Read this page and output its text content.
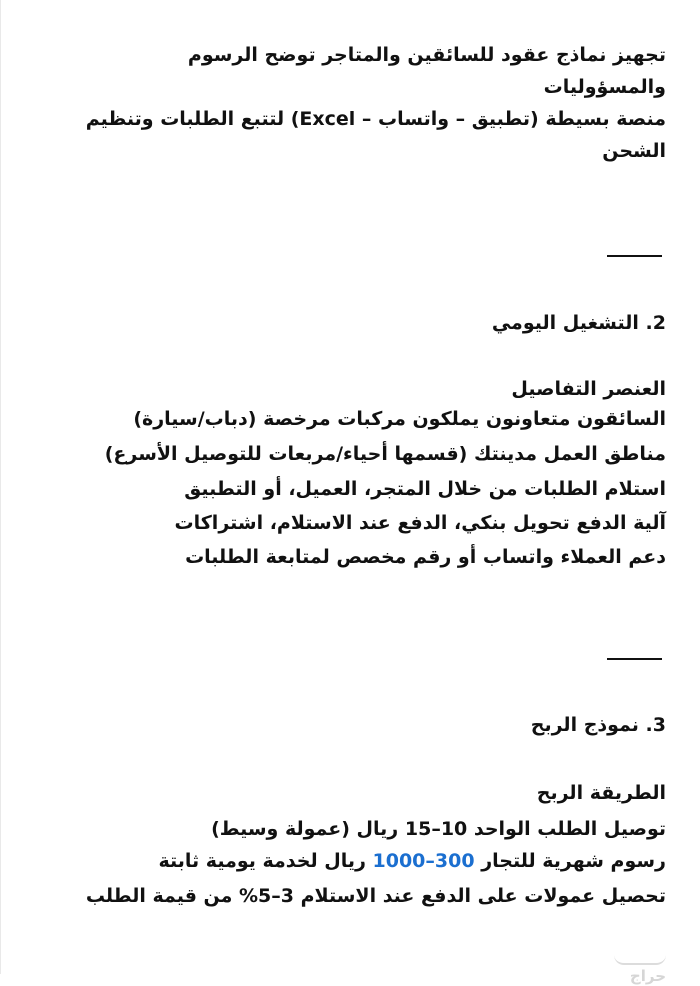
تجهيز نماذج عقود للسائقين والمتاجر توضح الرسوم
والمسؤوليات
منصة بسيطة (تطبيق – واتساب – Excel) لتتبع الطلبات وتنظيم
الشحن
2. التشغيل اليومي
العنصر التفاصيل
السائقون متعاونون يملكون مركبات مرخصة (دباب/سيارة)
مناطق العمل مدينتك (قسمها أحياء/مربعات للتوصيل الأسرع)
استلام الطلبات من خلال المتجر، العميل، أو التطبيق
آلية الدفع تحويل بنكي، الدفع عند الاستلام، اشتراكات
دعم العملاء واتساب أو رقم مخصص لمتابعة الطلبات
3. نموذج الربح
الطريقة الربح
توصيل الطلب الواحد 10–15 ريال (عمولة وسيط)
رسوم شهرية للتجار 300–1000 ريال لخدمة يومية ثابتة
تحصيل عمولات على الدفع عند الاستلام 3–5% من قيمة الطلب
حراج
